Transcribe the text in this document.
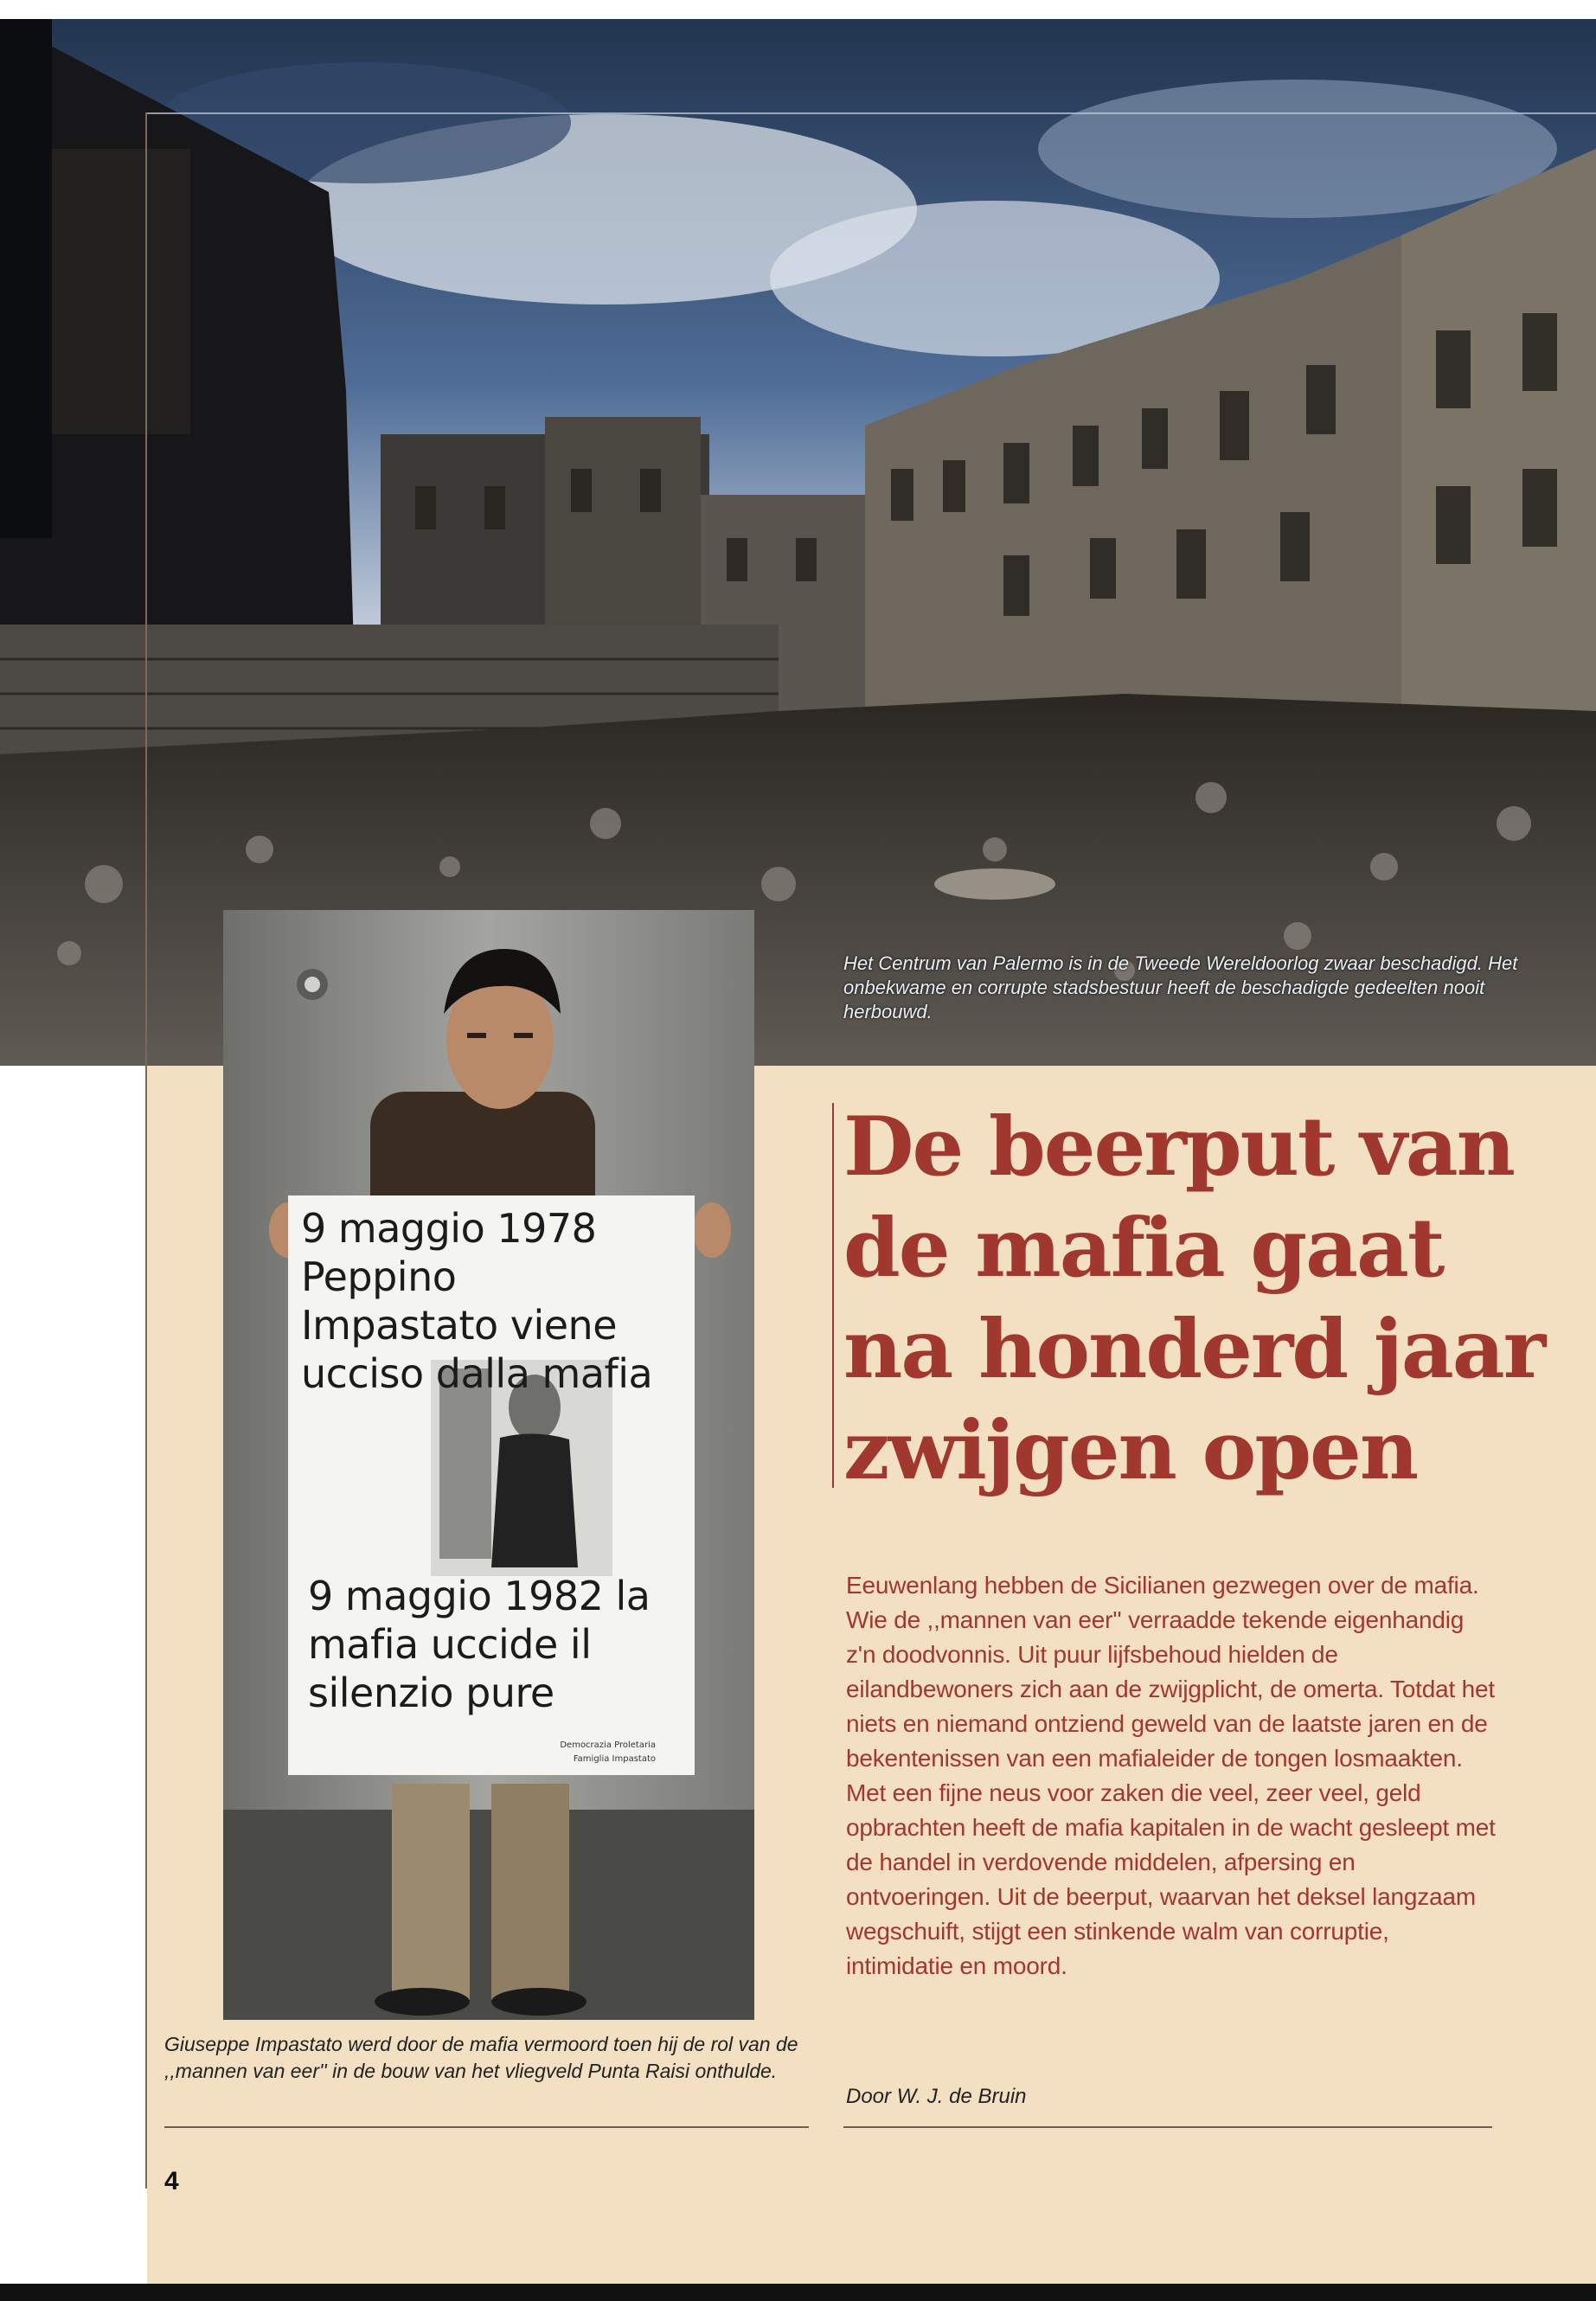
Het Centrum van Palermo is in de Tweede Wereldoorlog zwaar beschadigd. Het onbekwame en corrupte stadsbestuur heeft de beschadigde gedeelten nooit herbouwd.

9 maggio 1978 Peppino Impastato viene ucciso dalla mafia

9 maggio 1982 la mafia uccide il silenzio pure

Democrazia Proletaria Famiglia Impastato

Giuseppe Impastato werd door de mafia vermoord toen hij de rol van de ,,mannen van eer'' in de bouw van het vliegveld Punta Raisi onthulde.

De beerput van de mafia gaat na honderd jaar zwijgen open

Eeuwenlang hebben de Sicilianen gezwegen over de mafia. Wie de ,,mannen van eer'' verraadde tekende eigenhandig z'n doodvonnis. Uit puur lijfsbehoud hielden de eilandbewoners zich aan de zwijgplicht, de omerta. Totdat het niets en niemand ontziend geweld van de laatste jaren en de bekentenissen van een mafialeider de tongen losmaakten. Met een fijne neus voor zaken die veel, zeer veel, geld opbrachten heeft de mafia kapitalen in de wacht gesleept met de handel in verdovende middelen, afpersing en ontvoeringen. Uit de beerput, waarvan het deksel langzaam wegschuift, stijgt een stinkende walm van corruptie, intimidatie en moord.

Door W. J. de Bruin

4
